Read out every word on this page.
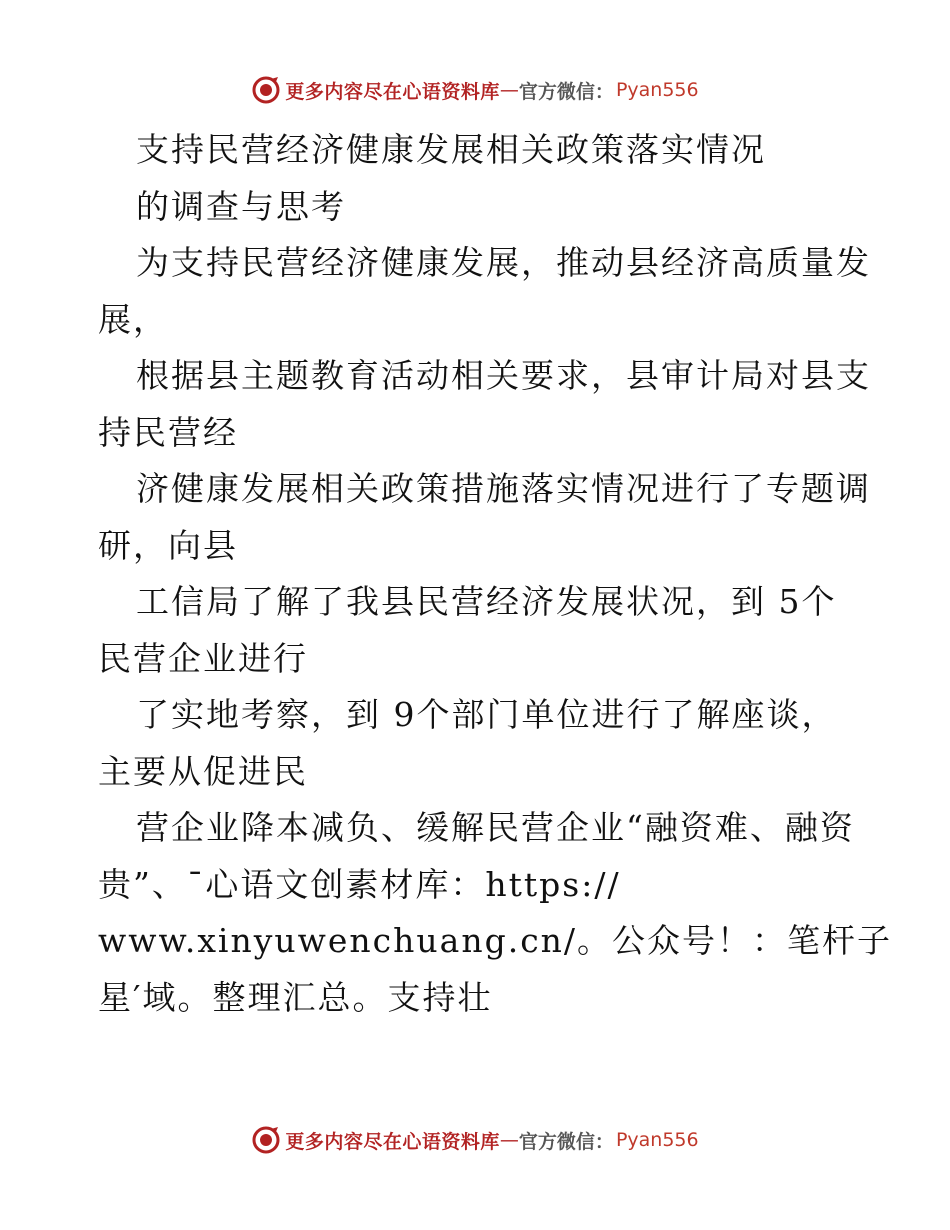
更多内容尽在心语资料库 — 官方微信： Pyan556
支持民营经济健康发展相关政策落实情况
的调查与思考
为支持民营经济健康发展，推动县经济高质量发
展，
根据县主题教育活动相关要求，县审计局对县支
持民营经
济健康发展相关政策措施落实情况进行了专题调
研，向县
工信局了解了我县民营经济发展状况，到 5个
民营企业进行
了实地考察，到 9个部门单位进行了解座谈，
主要从促进民
营企业降本减负、缓解民营企业“融资难、融资
贵”、¯心语文创素材库：https://
www.xinyuwenchuang.cn/。公众号！：笔杆子
星′域。整理汇总。支持壮
更多内容尽在心语资料库 — 官方微信： Pyan556
